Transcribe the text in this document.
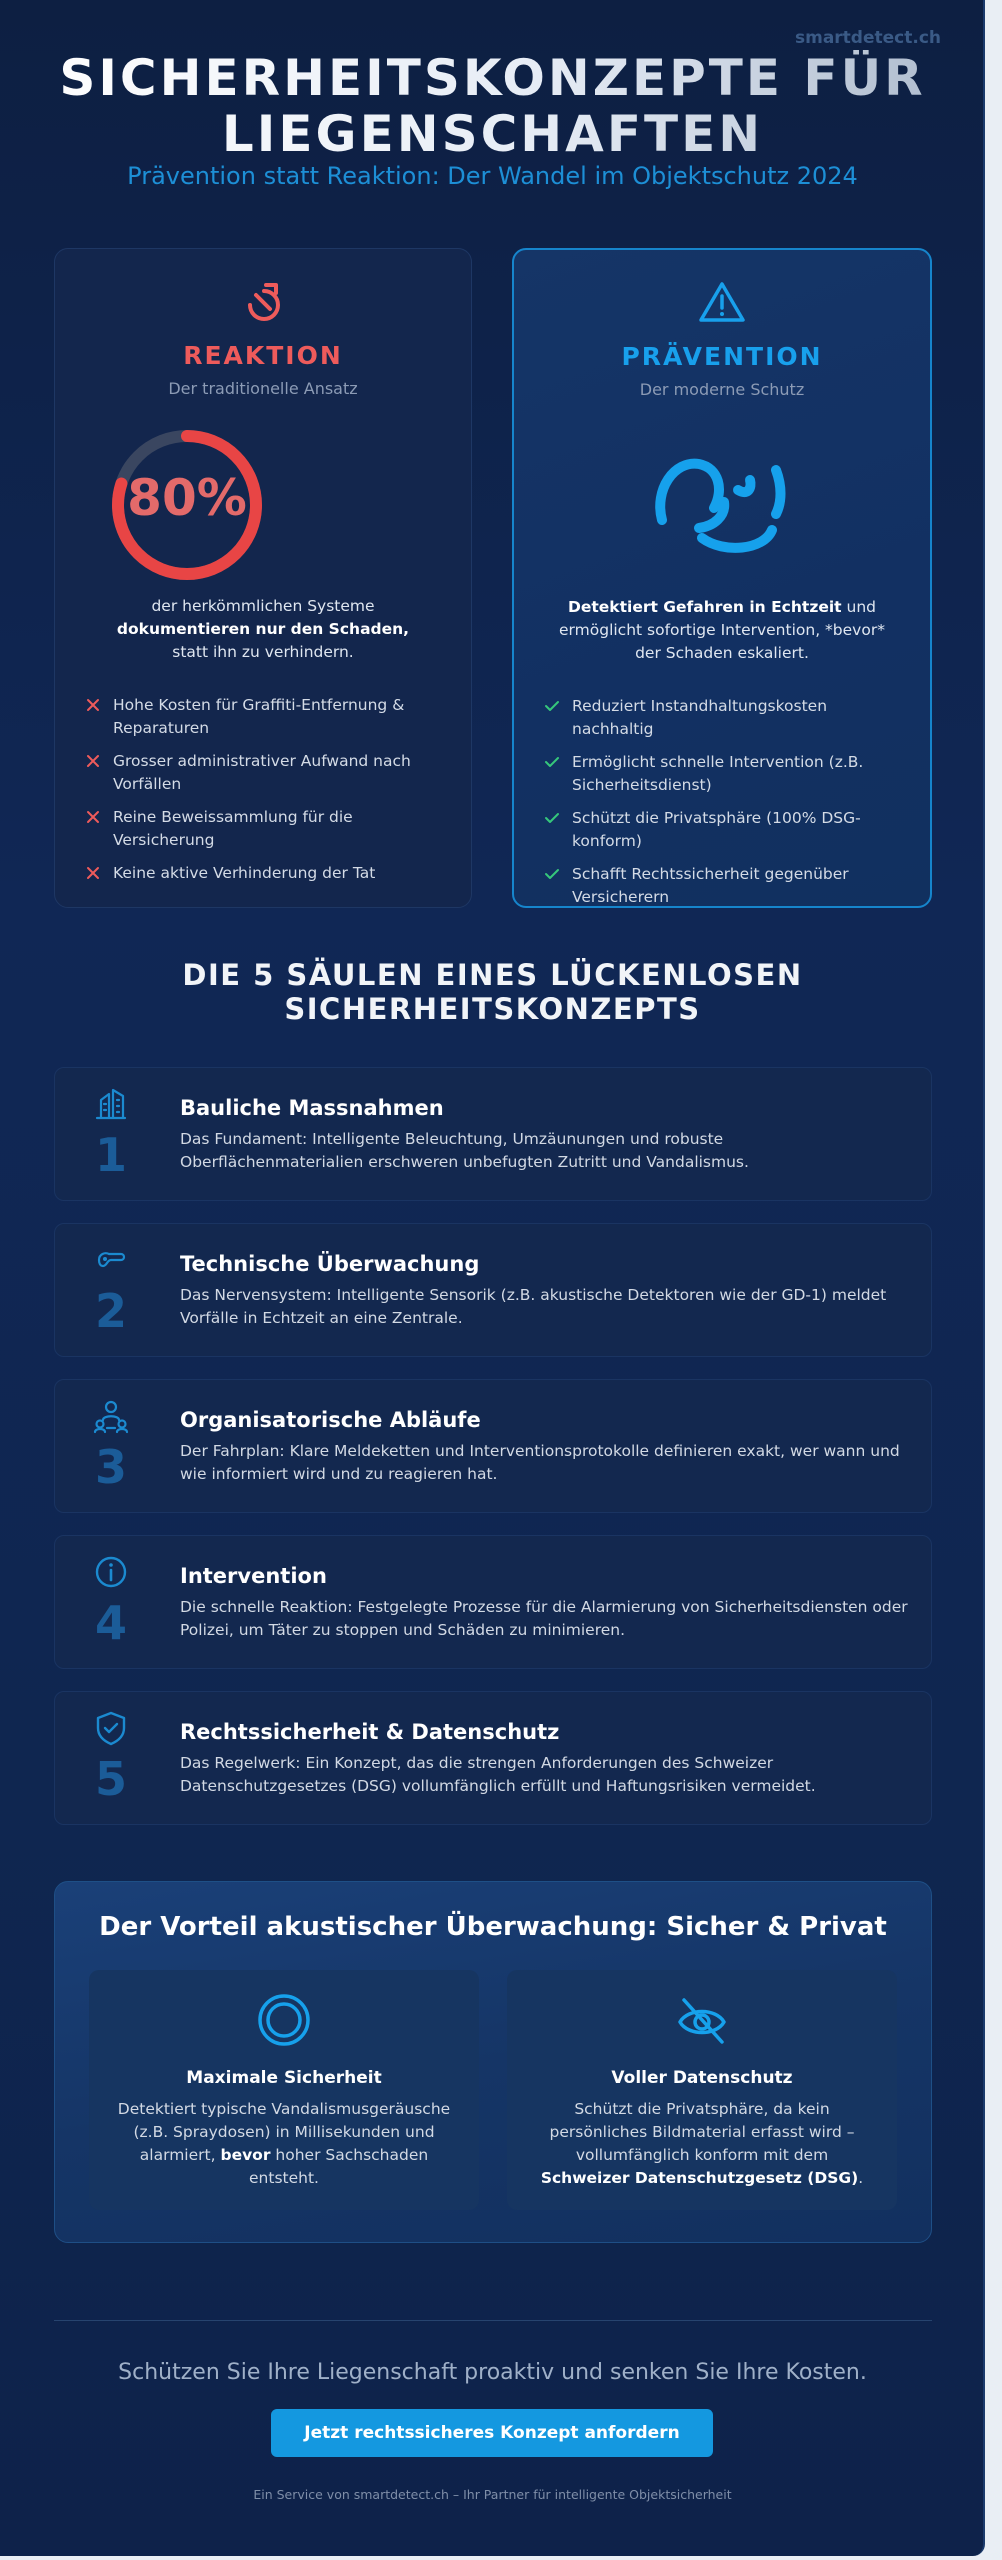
smartdetect.ch
SICHERHEITSKONZEPTE FÜR
LIEGENSCHAFTEN
Prävention statt Reaktion: Der Wandel im Objektschutz 2024
REAKTION
Der traditionelle Ansatz
80%
der herkömmlichen Systeme
dokumentieren nur den Schaden,
statt ihn zu verhindern.
Hohe Kosten für Graffiti-Entfernung & Reparaturen
Grosser administrativer Aufwand nach Vorfällen
Reine Beweissammlung für die Versicherung
Keine aktive Verhinderung der Tat
PRÄVENTION
Der moderne Schutz
Detektiert Gefahren in Echtzeit und
ermöglicht sofortige Intervention, *bevor*
der Schaden eskaliert.
Reduziert Instandhaltungskosten nachhaltig
Ermöglicht schnelle Intervention (z.B. Sicherheitsdienst)
Schützt die Privatsphäre (100% DSG-konform)
Schafft Rechtssicherheit gegenüber Versicherern
DIE 5 SÄULEN EINES LÜCKENLOSEN
SICHERHEITSKONZEPTS
1
Bauliche Massnahmen
Das Fundament: Intelligente Beleuchtung, Umzäunungen und robuste Oberflächenmaterialien erschweren unbefugten Zutritt und Vandalismus.
2
Technische Überwachung
Das Nervensystem: Intelligente Sensorik (z.B. akustische Detektoren wie der GD-1) meldet Vorfälle in Echtzeit an eine Zentrale.
3
Organisatorische Abläufe
Der Fahrplan: Klare Meldeketten und Interventionsprotokolle definieren exakt, wer wann und wie informiert wird und zu reagieren hat.
4
Intervention
Die schnelle Reaktion: Festgelegte Prozesse für die Alarmierung von Sicherheitsdiensten oder Polizei, um Täter zu stoppen und Schäden zu minimieren.
5
Rechtssicherheit & Datenschutz
Das Regelwerk: Ein Konzept, das die strengen Anforderungen des Schweizer Datenschutzgesetzes (DSG) vollumfänglich erfüllt und Haftungsrisiken vermeidet.
Der Vorteil akustischer Überwachung: Sicher & Privat
Maximale Sicherheit
Detektiert typische Vandalismusgeräusche (z.B. Spraydosen) in Millisekunden und alarmiert, bevor hoher Sachschaden entsteht.
Voller Datenschutz
Schützt die Privatsphäre, da kein persönliches Bildmaterial erfasst wird – vollumfänglich konform mit dem Schweizer Datenschutzgesetz (DSG).
Schützen Sie Ihre Liegenschaft proaktiv und senken Sie Ihre Kosten.
Jetzt rechtssicheres Konzept anfordern
Ein Service von smartdetect.ch – Ihr Partner für intelligente Objektsicherheit
